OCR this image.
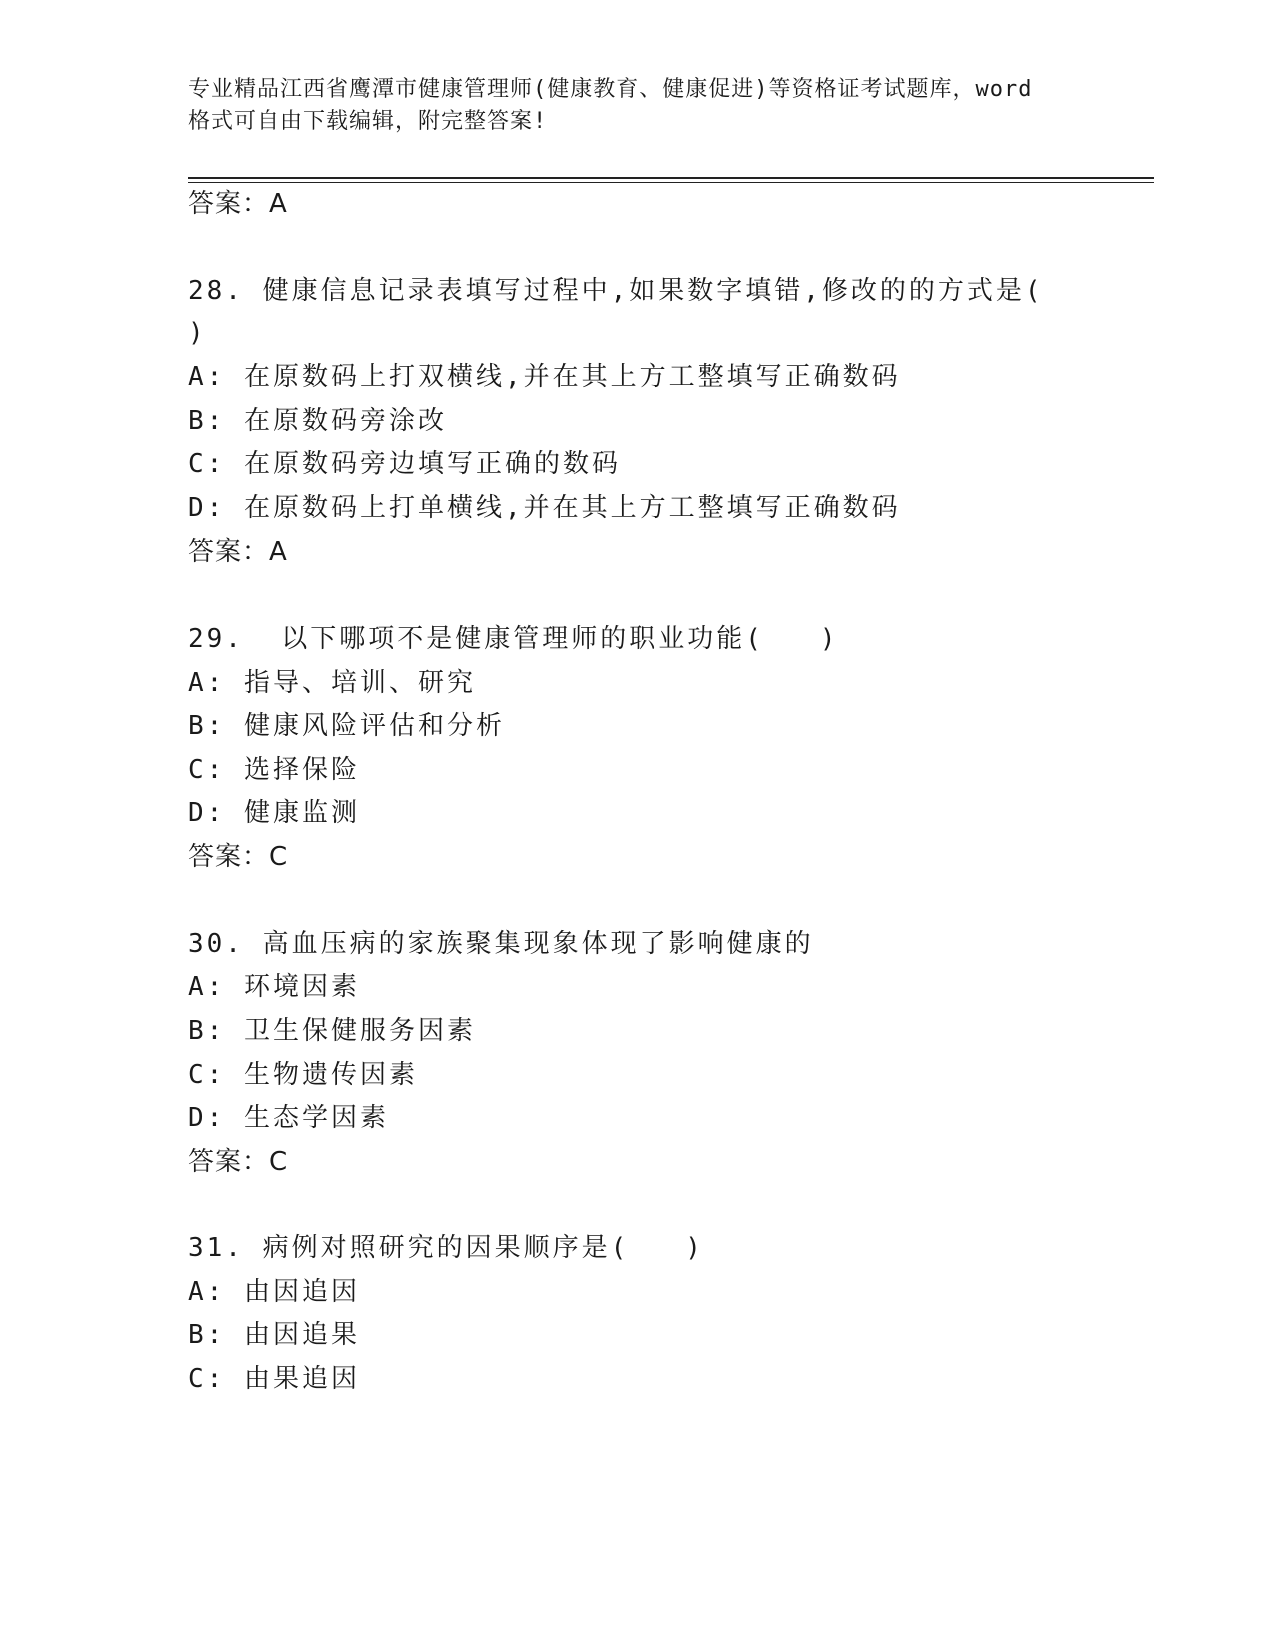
专业精品江西省鹰潭市健康管理师(健康教育、健康促进)等资格证考试题库，word
格式可自由下载编辑，附完整答案!
答案：A
28. 健康信息记录表填写过程中,如果数字填错,修改的的方式是(
)
A: 在原数码上打双横线,并在其上方工整填写正确数码
B: 在原数码旁涂改
C: 在原数码旁边填写正确的数码
D: 在原数码上打单横线,并在其上方工整填写正确数码
答案：A
29.  以下哪项不是健康管理师的职业功能(   )
A: 指导、培训、研究
B: 健康风险评估和分析
C: 选择保险
D: 健康监测
答案：C
30. 高血压病的家族聚集现象体现了影响健康的
A: 环境因素
B: 卫生保健服务因素
C: 生物遗传因素
D: 生态学因素
答案：C
31. 病例对照研究的因果顺序是(   )
A: 由因追因
B: 由因追果
C: 由果追因
